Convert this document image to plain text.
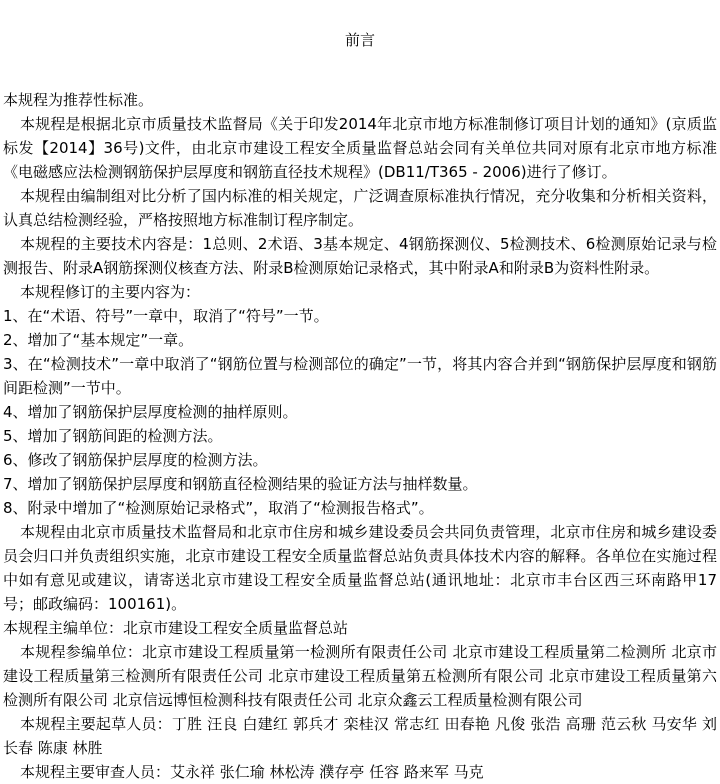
前言

本规程为推荐性标准。

本规程是根据北京市质量技术监督局《关于印发2014年北京市地方标准制修订项目计划的通知》(京质监标发【2014】36号)文件，由北京市建设工程安全质量监督总站会同有关单位共同对原有北京市地方标准《电磁感应法检测钢筋保护层厚度和钢筋直径技术规程》(DB11/T365 - 2006)进行了修订。

本规程由编制组对比分析了国内标准的相关规定，广泛调查原标准执行情况，充分收集和分析相关资料，认真总结检测经验，严格按照地方标准制订程序制定。

本规程的主要技术内容是：1总则、2术语、3基本规定、4钢筋探测仪、5检测技术、6检测原始记录与检测报告、附录A钢筋探测仪核查方法、附录B检测原始记录格式，其中附录A和附录B为资料性附录。

本规程修订的主要内容为：

1、在“术语、符号”一章中，取消了“符号”一节。

2、增加了“基本规定”一章。

3、在“检测技术”一章中取消了“钢筋位置与检测部位的确定”一节，将其内容合并到“钢筋保护层厚度和钢筋间距检测”一节中。

4、增加了钢筋保护层厚度检测的抽样原则。

5、增加了钢筋间距的检测方法。

6、修改了钢筋保护层厚度的检测方法。

7、增加了钢筋保护层厚度和钢筋直径检测结果的验证方法与抽样数量。

8、附录中增加了“检测原始记录格式”，取消了“检测报告格式”。

本规程由北京市质量技术监督局和北京市住房和城乡建设委员会共同负责管理，北京市住房和城乡建设委员会归口并负责组织实施，北京市建设工程安全质量监督总站负责具体技术内容的解释。各单位在实施过程中如有意见或建议，请寄送北京市建设工程安全质量监督总站(通讯地址：北京市丰台区西三环南路甲17号；邮政编码：100161)。

本规程主编单位：北京市建设工程安全质量监督总站

本规程参编单位：北京市建设工程质量第一检测所有限责任公司 北京市建设工程质量第二检测所 北京市建设工程质量第三检测所有限责任公司 北京市建设工程质量第五检测所有限公司 北京市建设工程质量第六检测所有限公司 北京信远博恒检测科技有限责任公司 北京众鑫云工程质量检测有限公司

本规程主要起草人员：丁胜 汪良 白建红 郭兵才 栾桂汉 常志红 田春艳 凡俊 张浩 高珊 范云秋 马安华 刘长春 陈康 林胜

本规程主要审查人员：艾永祥 张仁瑜 林松涛 濮存亭 任容 路来军 马克
